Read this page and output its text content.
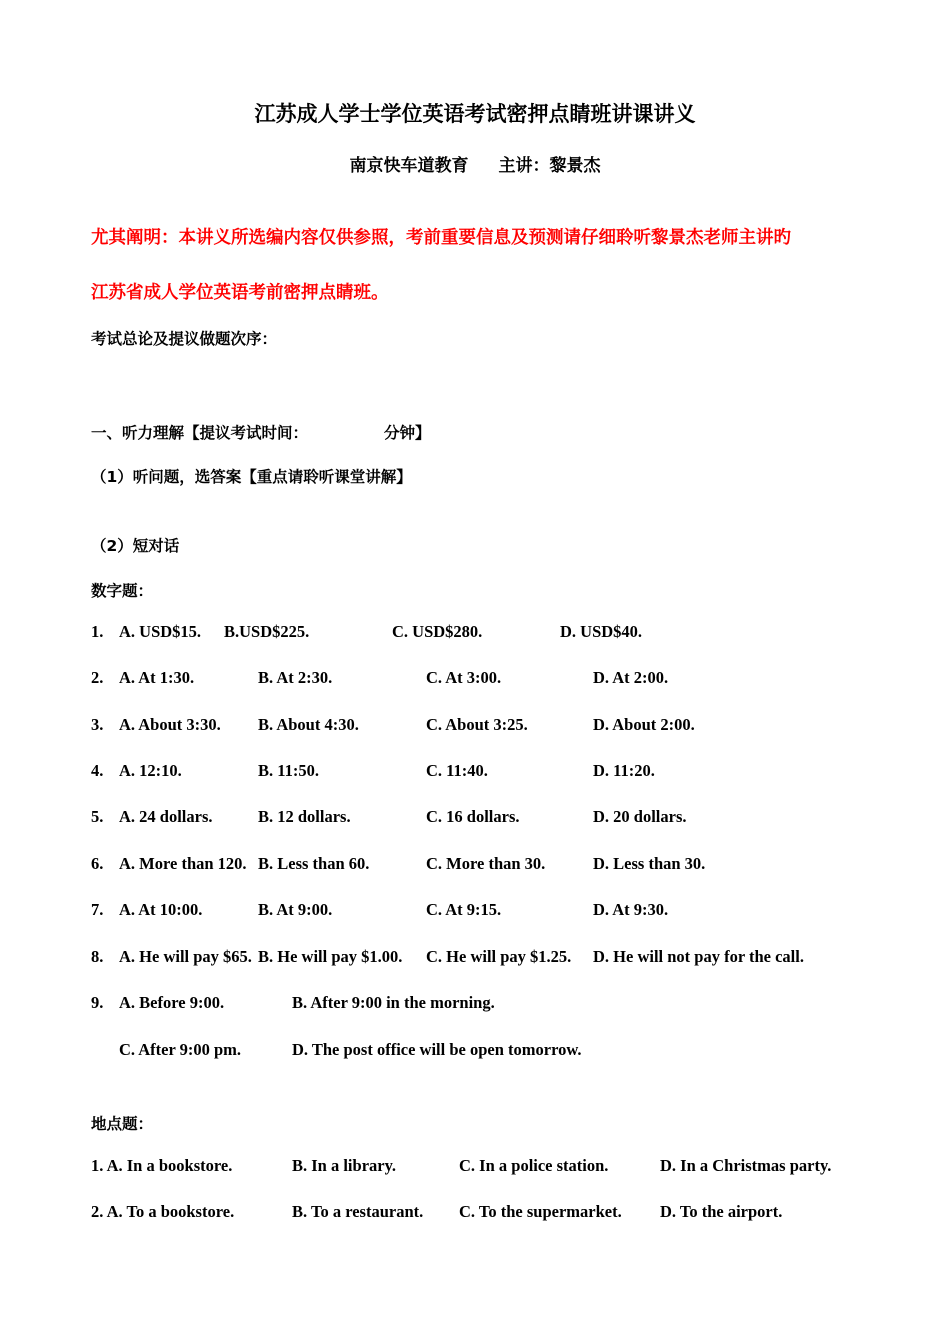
江苏成人学士学位英语考试密押点睛班讲课讲义
南京快车道教育 主讲：黎景杰
尤其阐明：本讲义所选编内容仅供参照，考前重要信息及预测请仔细聆听黎景杰老师主讲旳
江苏省成人学位英语考前密押点睛班。
考试总论及提议做题次序：
一、听力理解【提议考试时间：	分钟】
（1）听问题，选答案【重点请聆听课堂讲解】
（2）短对话
数字题：
1. A. USD$15. B.USD$225.	C. USD$280.	D. USD$40.
2. A. At 1:30.	B. At 2:30.	C. At 3:00.	D. At 2:00.
3. A. About 3:30. B. About 4:30.	C. About 3:25.	D. About 2:00.
4. A. 12:10.	B. 11:50.	C. 11:40.	D. 11:20.
5. A. 24 dollars.	B. 12 dollars.	C. 16 dollars.	D. 20 dollars.
6. A. More than 120. B. Less than 60.	C. More than 30.	D. Less than 30.
7. A. At 10:00.	B. At 9:00.	C. At 9:15.	D. At 9:30.
8. A. He will pay $65. B. He will pay $1.00. C. He will pay $1.25. D. He will not pay for the call.
9. A. Before 9:00.	B. After 9:00 in the morning.
C. After 9:00 pm.	D. The post office will be open tomorrow.
地点题：
1. A. In a bookstore.	B. In a library.	C. In a police station.	D. In a Christmas party.
2. A. To a bookstore.	B. To a restaurant. C. To the supermarket. D. To the airport.
